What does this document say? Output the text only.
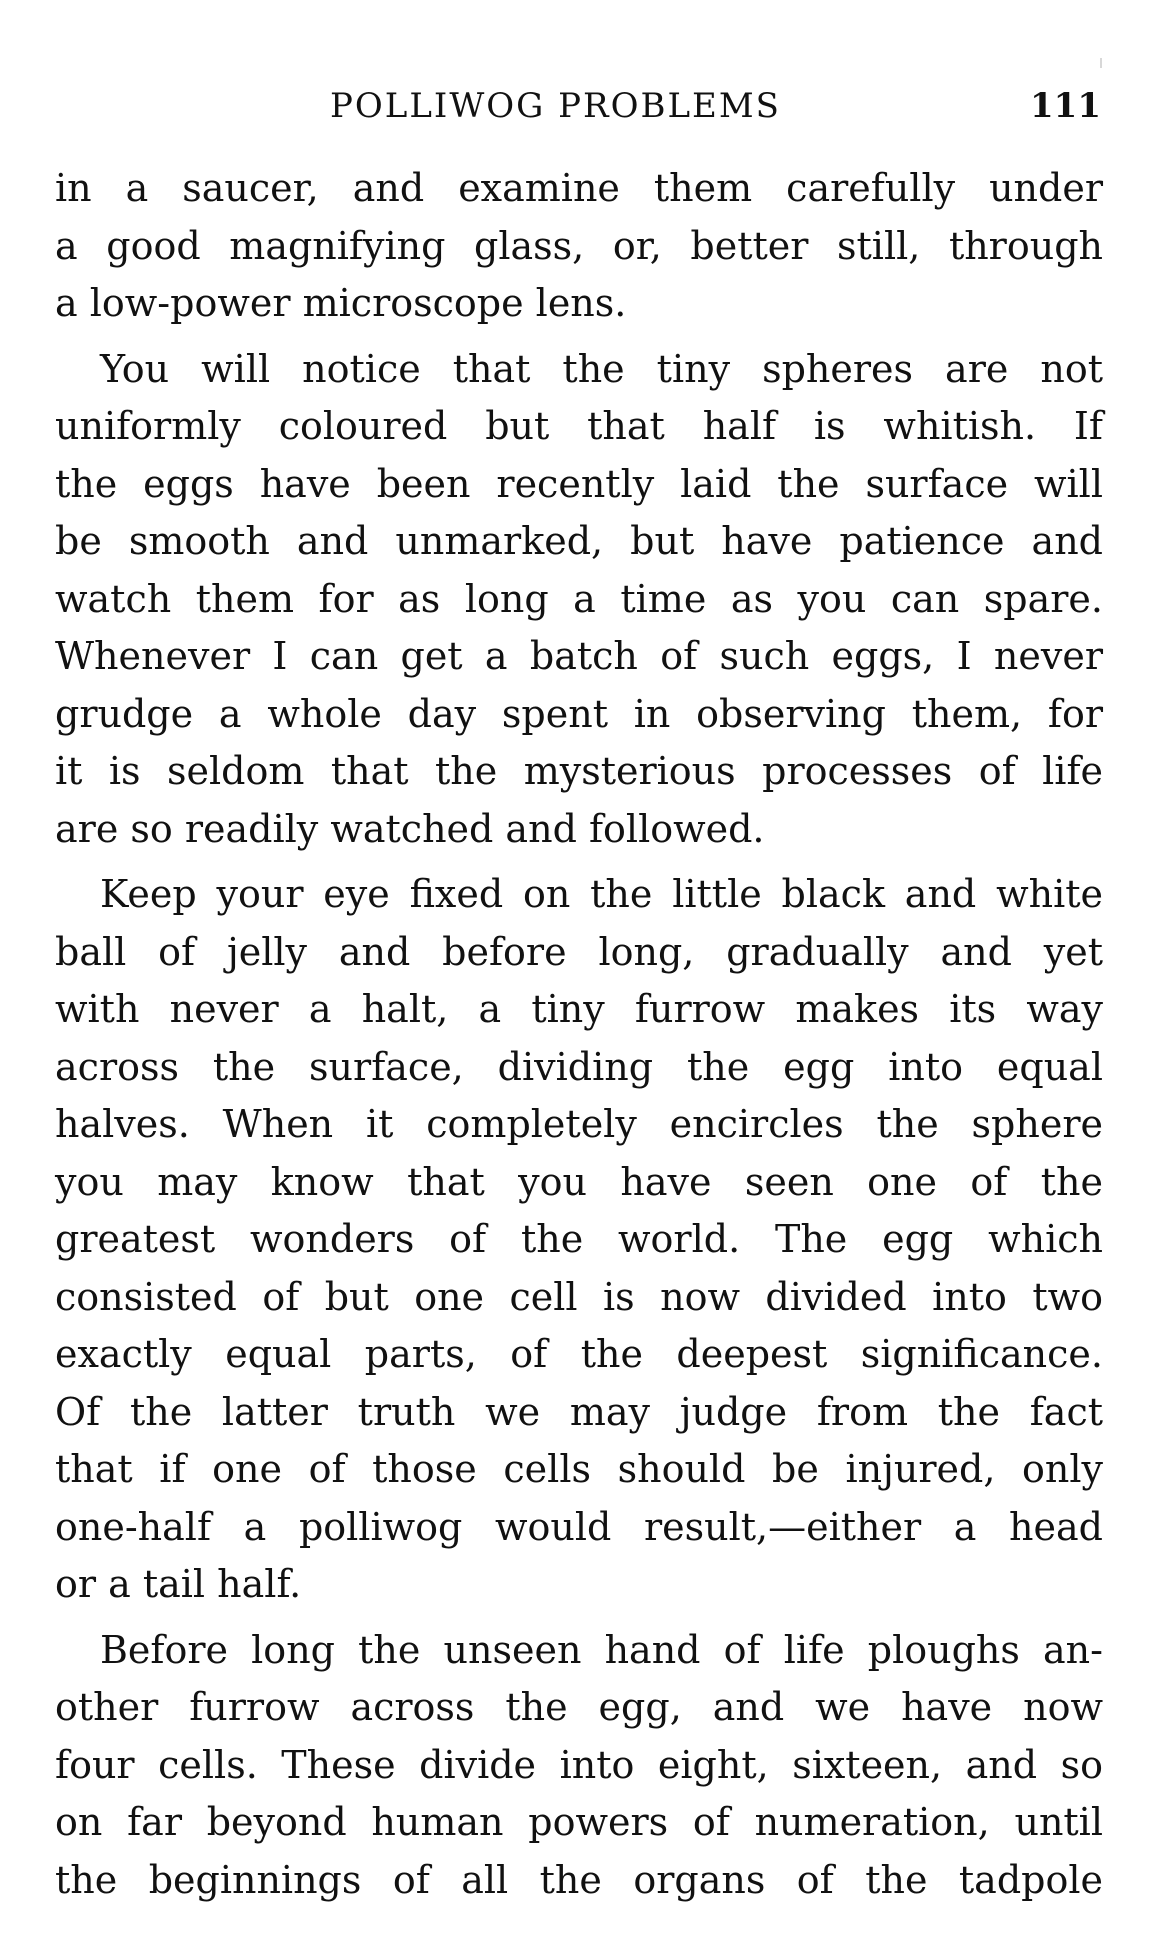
POLLIWOG PROBLEMS	111

in a saucer, and examine them carefully under
a good magnifying glass, or, better still, through
a low-power microscope lens.

You will notice that the tiny spheres are not
uniformly coloured but that half is whitish. If
the eggs have been recently laid the surface will
be smooth and unmarked, but have patience and
watch them for as long a time as you can spare.
Whenever I can get a batch of such eggs, I never
grudge a whole day spent in observing them, for
it is seldom that the mysterious processes of life
are so readily watched and followed.

Keep your eye fixed on the little black and white
ball of jelly and before long, gradually and yet
with never a halt, a tiny furrow makes its way
across the surface, dividing the egg into equal
halves. When it completely encircles the sphere
you may know that you have seen one of the
greatest wonders of the world. The egg which
consisted of but one cell is now divided into two
exactly equal parts, of the deepest significance.
Of the latter truth we may judge from the fact
that if one of those cells should be injured, only
one-half a polliwog would result,—either a head
or a tail half.

Before long the unseen hand of life ploughs an-
other furrow across the egg, and we have now
four cells. These divide into eight, sixteen, and so
on far beyond human powers of numeration, until
the beginnings of all the organs of the tadpole
